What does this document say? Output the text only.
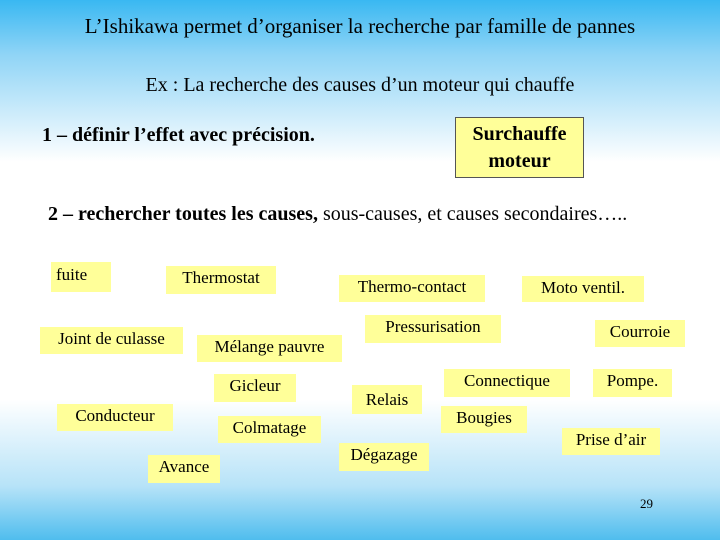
L’Ishikawa permet d’organiser la recherche par famille de pannes
Ex : La recherche des causes d’un moteur qui chauffe
1 – définir l’effet avec précision.	Surchauffe
moteur
2 – rechercher toutes les causes, sous-causes, et causes secondaires…..
fuite	Thermostat	Thermo-contact	Moto ventil.
Joint de culasse	Mélange pauvre
Pressurisation	Courroie
Gicleur
Relais
Connectique	Pompe.
Conducteur
Colmatage
Bougies
Prise d’air
Avance
Dégazage
29
